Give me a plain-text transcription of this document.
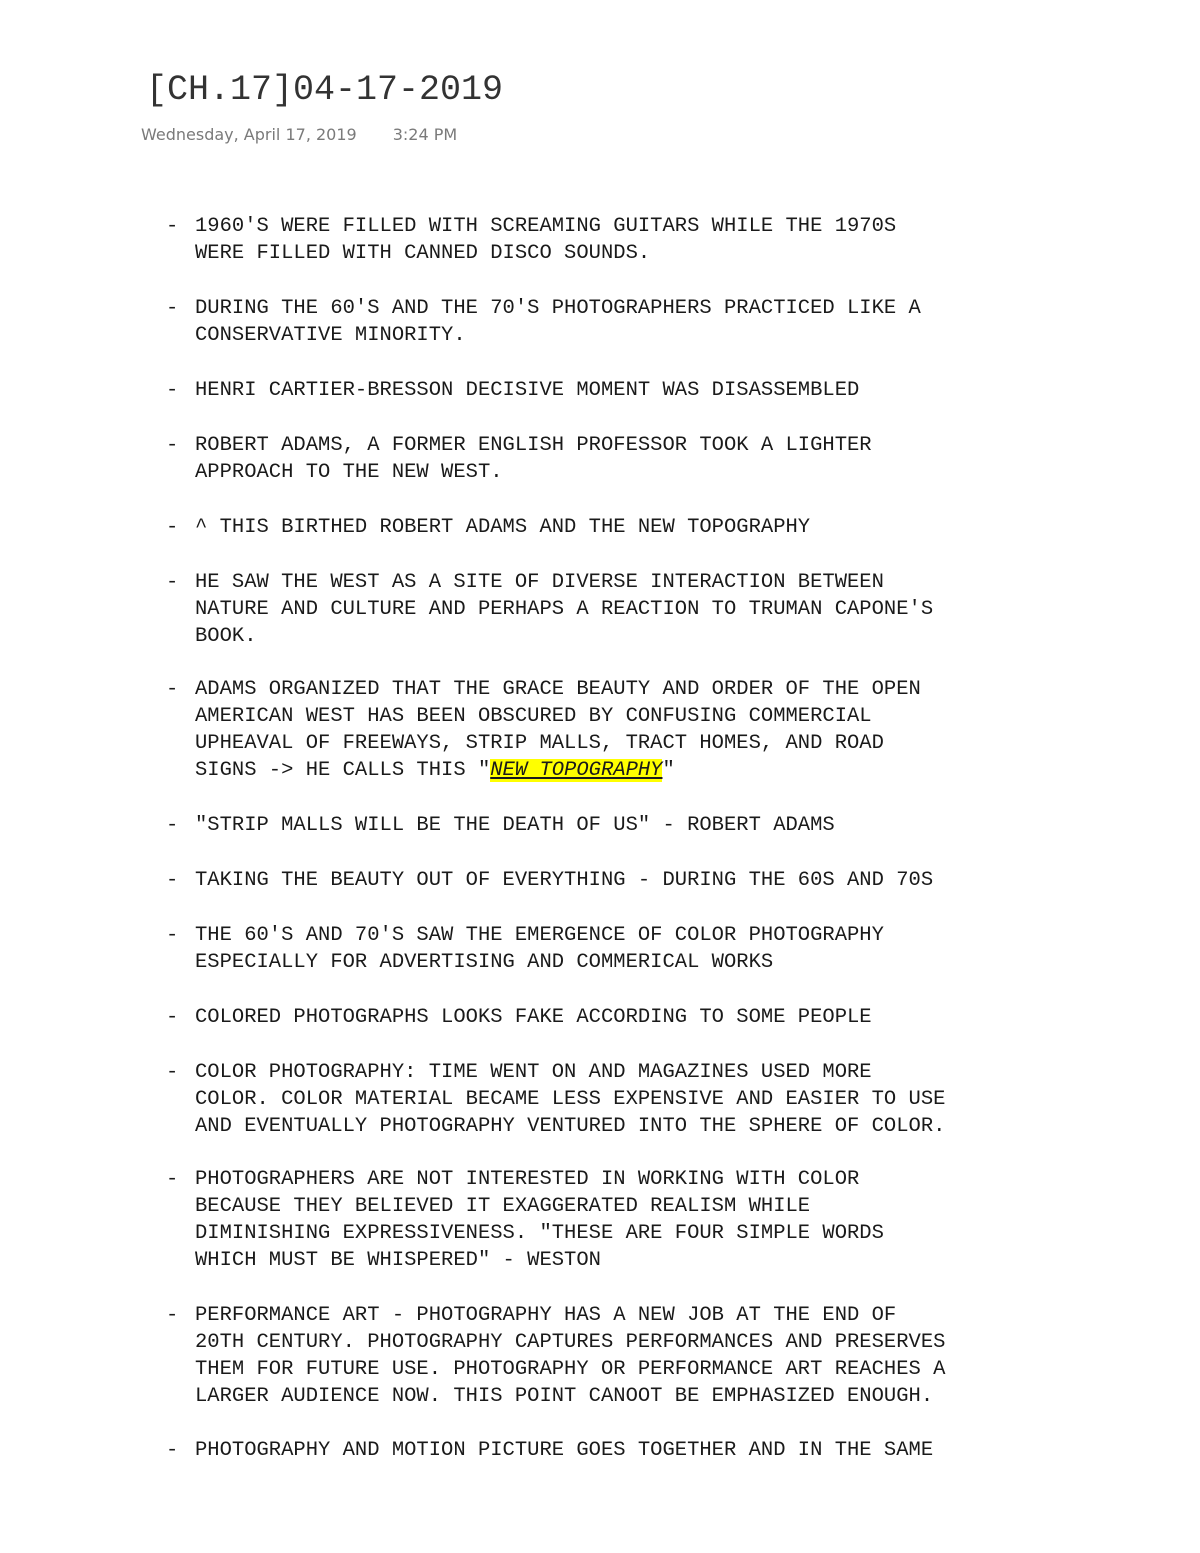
[CH.17]04-17-2019
Wednesday, April 17, 2019 3:24 PM
- 1960'S WERE FILLED WITH SCREAMING GUITARS WHILE THE 1970S
WERE FILLED WITH CANNED DISCO SOUNDS.
- DURING THE 60'S AND THE 70'S PHOTOGRAPHERS PRACTICED LIKE A
CONSERVATIVE MINORITY.
- HENRI CARTIER-BRESSON DECISIVE MOMENT WAS DISASSEMBLED
- ROBERT ADAMS, A FORMER ENGLISH PROFESSOR TOOK A LIGHTER
APPROACH TO THE NEW WEST.
- ^ THIS BIRTHED ROBERT ADAMS AND THE NEW TOPOGRAPHY
- HE SAW THE WEST AS A SITE OF DIVERSE INTERACTION BETWEEN
NATURE AND CULTURE AND PERHAPS A REACTION TO TRUMAN CAPONE'S
BOOK.
- ADAMS ORGANIZED THAT THE GRACE BEAUTY AND ORDER OF THE OPEN
AMERICAN WEST HAS BEEN OBSCURED BY CONFUSING COMMERCIAL
UPHEAVAL OF FREEWAYS, STRIP MALLS, TRACT HOMES, AND ROAD
SIGNS -> HE CALLS THIS "NEW TOPOGRAPHY"
- "STRIP MALLS WILL BE THE DEATH OF US" - ROBERT ADAMS
- TAKING THE BEAUTY OUT OF EVERYTHING - DURING THE 60S AND 70S
- THE 60'S AND 70'S SAW THE EMERGENCE OF COLOR PHOTOGRAPHY
ESPECIALLY FOR ADVERTISING AND COMMERICAL WORKS
- COLORED PHOTOGRAPHS LOOKS FAKE ACCORDING TO SOME PEOPLE
- COLOR PHOTOGRAPHY: TIME WENT ON AND MAGAZINES USED MORE
COLOR. COLOR MATERIAL BECAME LESS EXPENSIVE AND EASIER TO USE
AND EVENTUALLY PHOTOGRAPHY VENTURED INTO THE SPHERE OF COLOR.
- PHOTOGRAPHERS ARE NOT INTERESTED IN WORKING WITH COLOR
BECAUSE THEY BELIEVED IT EXAGGERATED REALISM WHILE
DIMINISHING EXPRESSIVENESS. "THESE ARE FOUR SIMPLE WORDS
WHICH MUST BE WHISPERED" - WESTON
- PERFORMANCE ART - PHOTOGRAPHY HAS A NEW JOB AT THE END OF
20TH CENTURY. PHOTOGRAPHY CAPTURES PERFORMANCES AND PRESERVES
THEM FOR FUTURE USE. PHOTOGRAPHY OR PERFORMANCE ART REACHES A
LARGER AUDIENCE NOW. THIS POINT CANOOT BE EMPHASIZED ENOUGH.
- PHOTOGRAPHY AND MOTION PICTURE GOES TOGETHER AND IN THE SAME
